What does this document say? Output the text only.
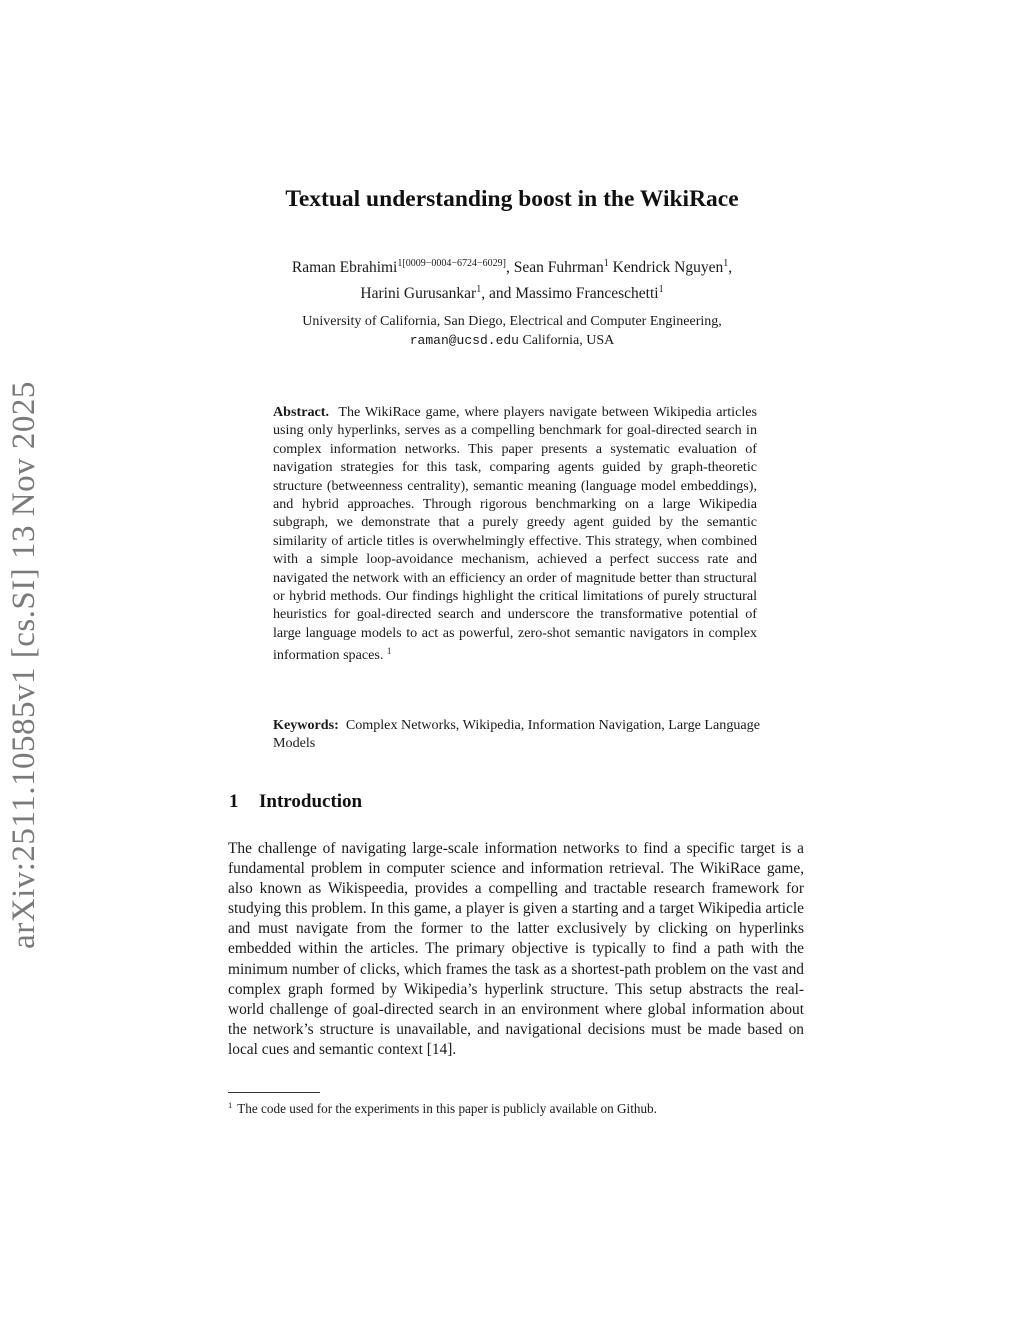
arXiv:2511.10585v1 [cs.SI] 13 Nov 2025
Textual understanding boost in the WikiRace
Raman Ebrahimi$^{1[0009-0004-6724-6029]}$, Sean Fuhrman$^1$ Kendrick Nguyen$^1$,
Harini Gurusankar$^1$, and Massimo Franceschetti$^1$
University of California, San Diego, Electrical and Computer Engineering,
raman@ucsd.edu California, USA
Abstract. The WikiRace game, where players navigate between Wikipedia articles using only hyperlinks, serves as a compelling benchmark for goal-directed search in complex information networks. This paper presents a systematic evaluation of navigation strategies for this task, comparing agents guided by graph-theoretic structure (betweenness centrality), semantic meaning (language model embeddings), and hybrid approaches. Through rigorous benchmarking on a large Wikipedia subgraph, we demonstrate that a purely greedy agent guided by the semantic similarity of article titles is overwhelmingly effective. This strategy, when combined with a simple loop-avoidance mechanism, achieved a perfect success rate and navigated the network with an efficiency an order of magnitude better than structural or hybrid methods. Our findings highlight the critical limitations of purely structural heuristics for goal-directed search and underscore the transformative potential of large language models to act as powerful, zero-shot semantic navigators in complex information spaces. $^1$
Keywords: Complex Networks, Wikipedia, Information Navigation, Large Language Models
1 Introduction
The challenge of navigating large-scale information networks to find a specific target is a fundamental problem in computer science and information retrieval. The WikiRace game, also known as Wikispeedia, provides a compelling and tractable research framework for studying this problem. In this game, a player is given a starting and a target Wikipedia article and must navigate from the former to the latter exclusively by clicking on hyperlinks embedded within the articles. The primary objective is typically to find a path with the minimum number of clicks, which frames the task as a shortest-path problem on the vast and complex graph formed by Wikipedia’s hyperlink structure. This setup abstracts the real-world challenge of goal-directed search in an environment where global information about the network’s structure is unavailable, and navigational decisions must be made based on local cues and semantic context [14].
$^1$ The code used for the experiments in this paper is publicly available on Github.
